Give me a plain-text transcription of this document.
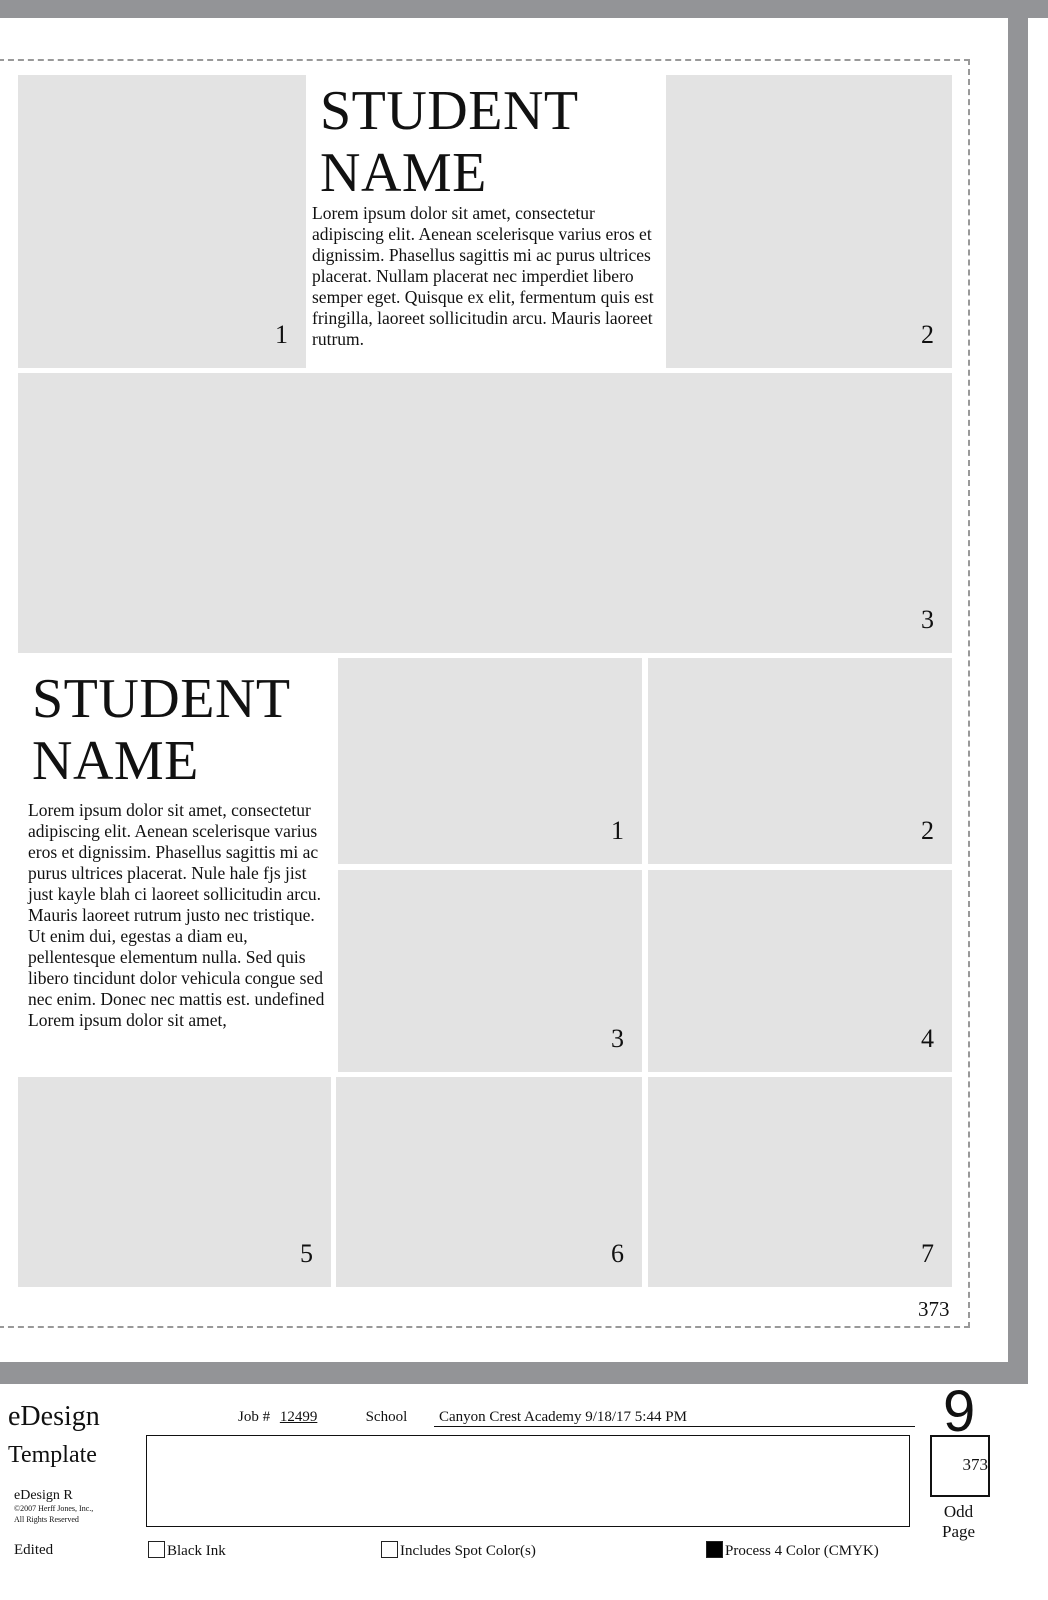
1
STUDENT
NAME
Lorem ipsum dolor sit amet, consectetur adipiscing elit. Aenean scelerisque varius eros et dignissim. Phasellus sagittis mi ac purus ultrices placerat. Nullam placerat nec imperdiet libero semper eget. Quisque ex elit, fermentum quis est fringilla, laoreet sollicitudin arcu. Mauris laoreet rutrum.	2
3
STUDENT
NAME
Lorem ipsum dolor sit amet, consectetur adipiscing elit. Aenean scelerisque varius eros et dignissim. Phasellus sagittis mi ac purus ultrices placerat. Nule hale fjs jist just kayle blah ci laoreet sollicitudin arcu. Mauris laoreet rutrum justo nec tristique. Ut enim dui, egestas a diam eu, pellentesque elementum nulla. Sed quis libero tincidunt dolor vehicula congue sed nec enim. Donec nec mattis est. undefined Lorem ipsum dolor sit amet,
1	2
3	4
5	6	7
373
eDesign
Template
eDesign R
©2007 Herff Jones, Inc.,
All Rights Reserved
Edited
Job # 12499	School	Canyon Crest Academy 9/18/17 5:44 PM	9
373
Odd
Page
Black Ink	Includes Spot Color(s)	Process 4 Color (CMYK)
